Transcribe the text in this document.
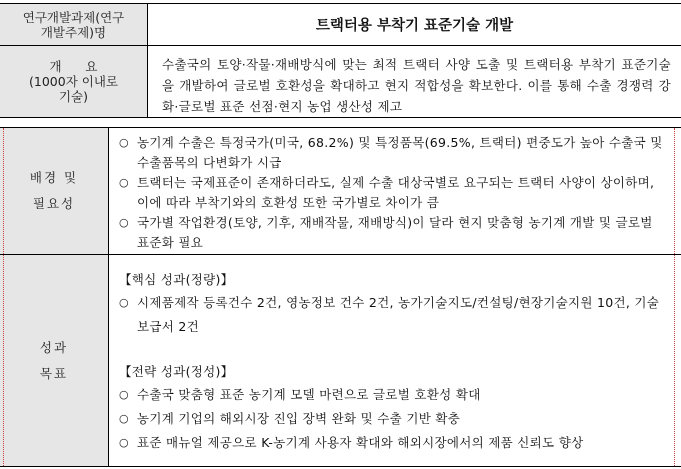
연구개발과제(연구
개발주제)명	트랙터용 부착기 표준기술 개발
개      요
(1000자 이내로
기술)
수출국의 토양·작물·재배방식에 맞는 최적 트랙터 사양 도출 및 트랙터용 부착기 표준기술을 개발하여 글로벌 호환성을 확대하고 현지 적합성을 확보한다. 이를 통해 수출 경쟁력 강화·글로벌 표준 선점·현지 농업 생산성 제고
배경 및
필요성
○ 농기계 수출은 특정국가(미국, 68.2%) 및 특정품목(69.5%, 트랙터) 편중도가 높아 수출국 및 수출품목의 다변화가 시급
○ 트랙터는 국제표준이 존재하더라도, 실제 수출 대상국별로 요구되는 트랙터 사양이 상이하며, 이에 따라 부착기와의 호환성 또한 국가별로 차이가 큼
○ 국가별 작업환경(토양, 기후, 재배작물, 재배방식)이 달라 현지 맞춤형 농기계 개발 및 글로벌 표준화 필요
성과
목표
【핵심 성과(정량)】
○ 시제품제작 등록건수 2건, 영농정보 건수 2건, 농가기술지도/컨설팅/현장기술지원 10건, 기술보급서 2건
【전략 성과(정성)】
○ 수출국 맞춤형 표준 농기계 모델 마련으로 글로벌 호환성 확대
○ 농기계 기업의 해외시장 진입 장벽 완화 및 수출 기반 확충
○ 표준 매뉴얼 제공으로 K-농기계 사용자 확대와 해외시장에서의 제품 신뢰도 향상
